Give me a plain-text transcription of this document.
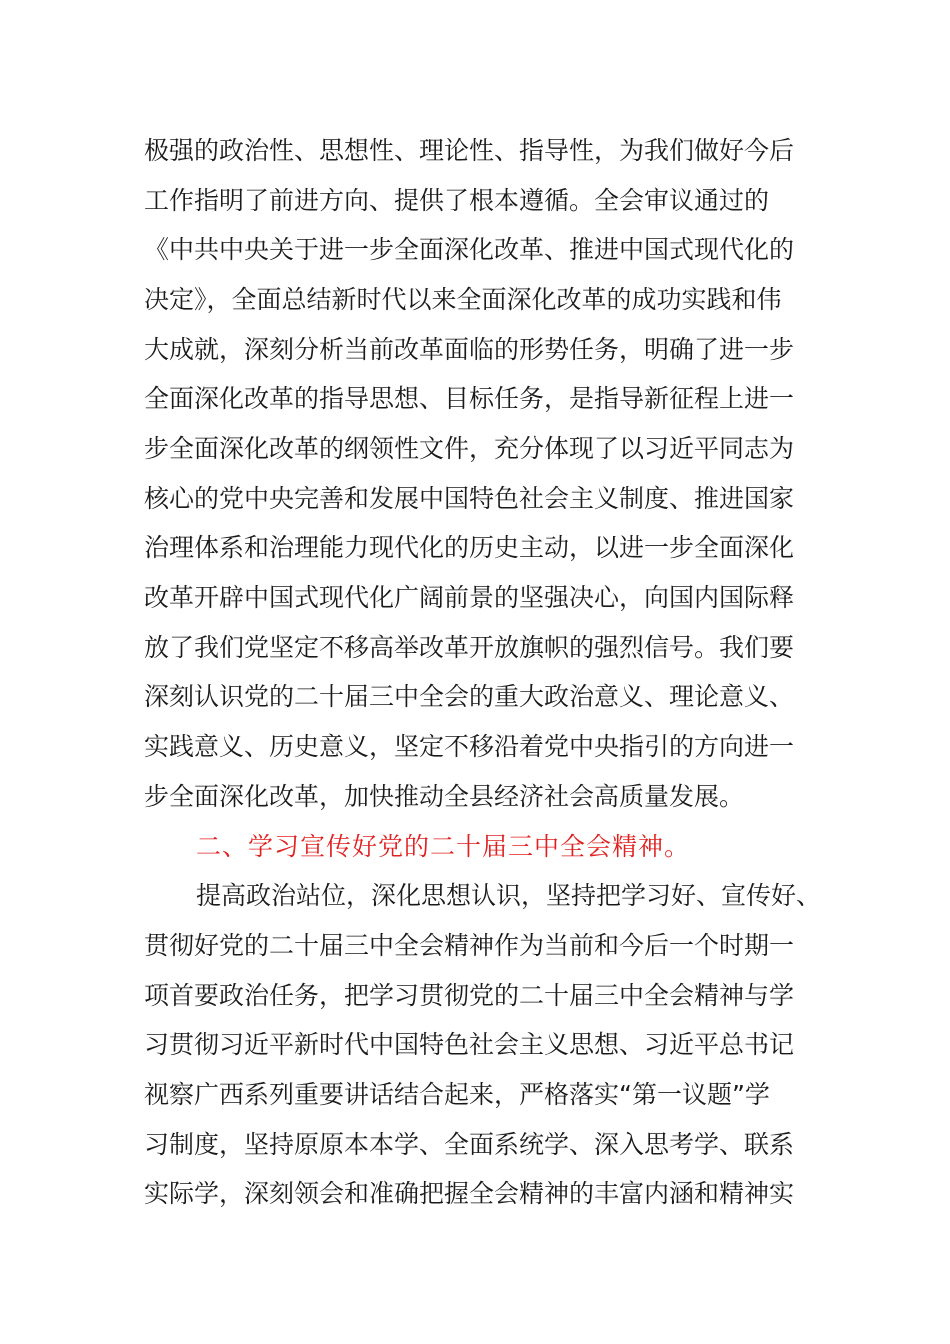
极强的政治性、思想性、理论性、指导性，为我们做好今后
工作指明了前进方向、提供了根本遵循。全会审议通过的
《中共中央关于进一步全面深化改革、推进中国式现代化的
决定》，全面总结新时代以来全面深化改革的成功实践和伟
大成就，深刻分析当前改革面临的形势任务，明确了进一步
全面深化改革的指导思想、目标任务，是指导新征程上进一
步全面深化改革的纲领性文件，充分体现了以习近平同志为
核心的党中央完善和发展中国特色社会主义制度、推进国家
治理体系和治理能力现代化的历史主动，以进一步全面深化
改革开辟中国式现代化广阔前景的坚强决心，向国内国际释
放了我们党坚定不移高举改革开放旗帜的强烈信号。我们要
深刻认识党的二十届三中全会的重大政治意义、理论意义、
实践意义、历史意义，坚定不移沿着党中央指引的方向进一
步全面深化改革，加快推动全县经济社会高质量发展。
二、学习宣传好党的二十届三中全会精神。
提高政治站位，深化思想认识，坚持把学习好、宣传好、
贯彻好党的二十届三中全会精神作为当前和今后一个时期一
项首要政治任务，把学习贯彻党的二十届三中全会精神与学
习贯彻习近平新时代中国特色社会主义思想、习近平总书记
视察广西系列重要讲话结合起来，严格落实“第一议题”学
习制度，坚持原原本本学、全面系统学、深入思考学、联系
实际学，深刻领会和准确把握全会精神的丰富内涵和精神实
